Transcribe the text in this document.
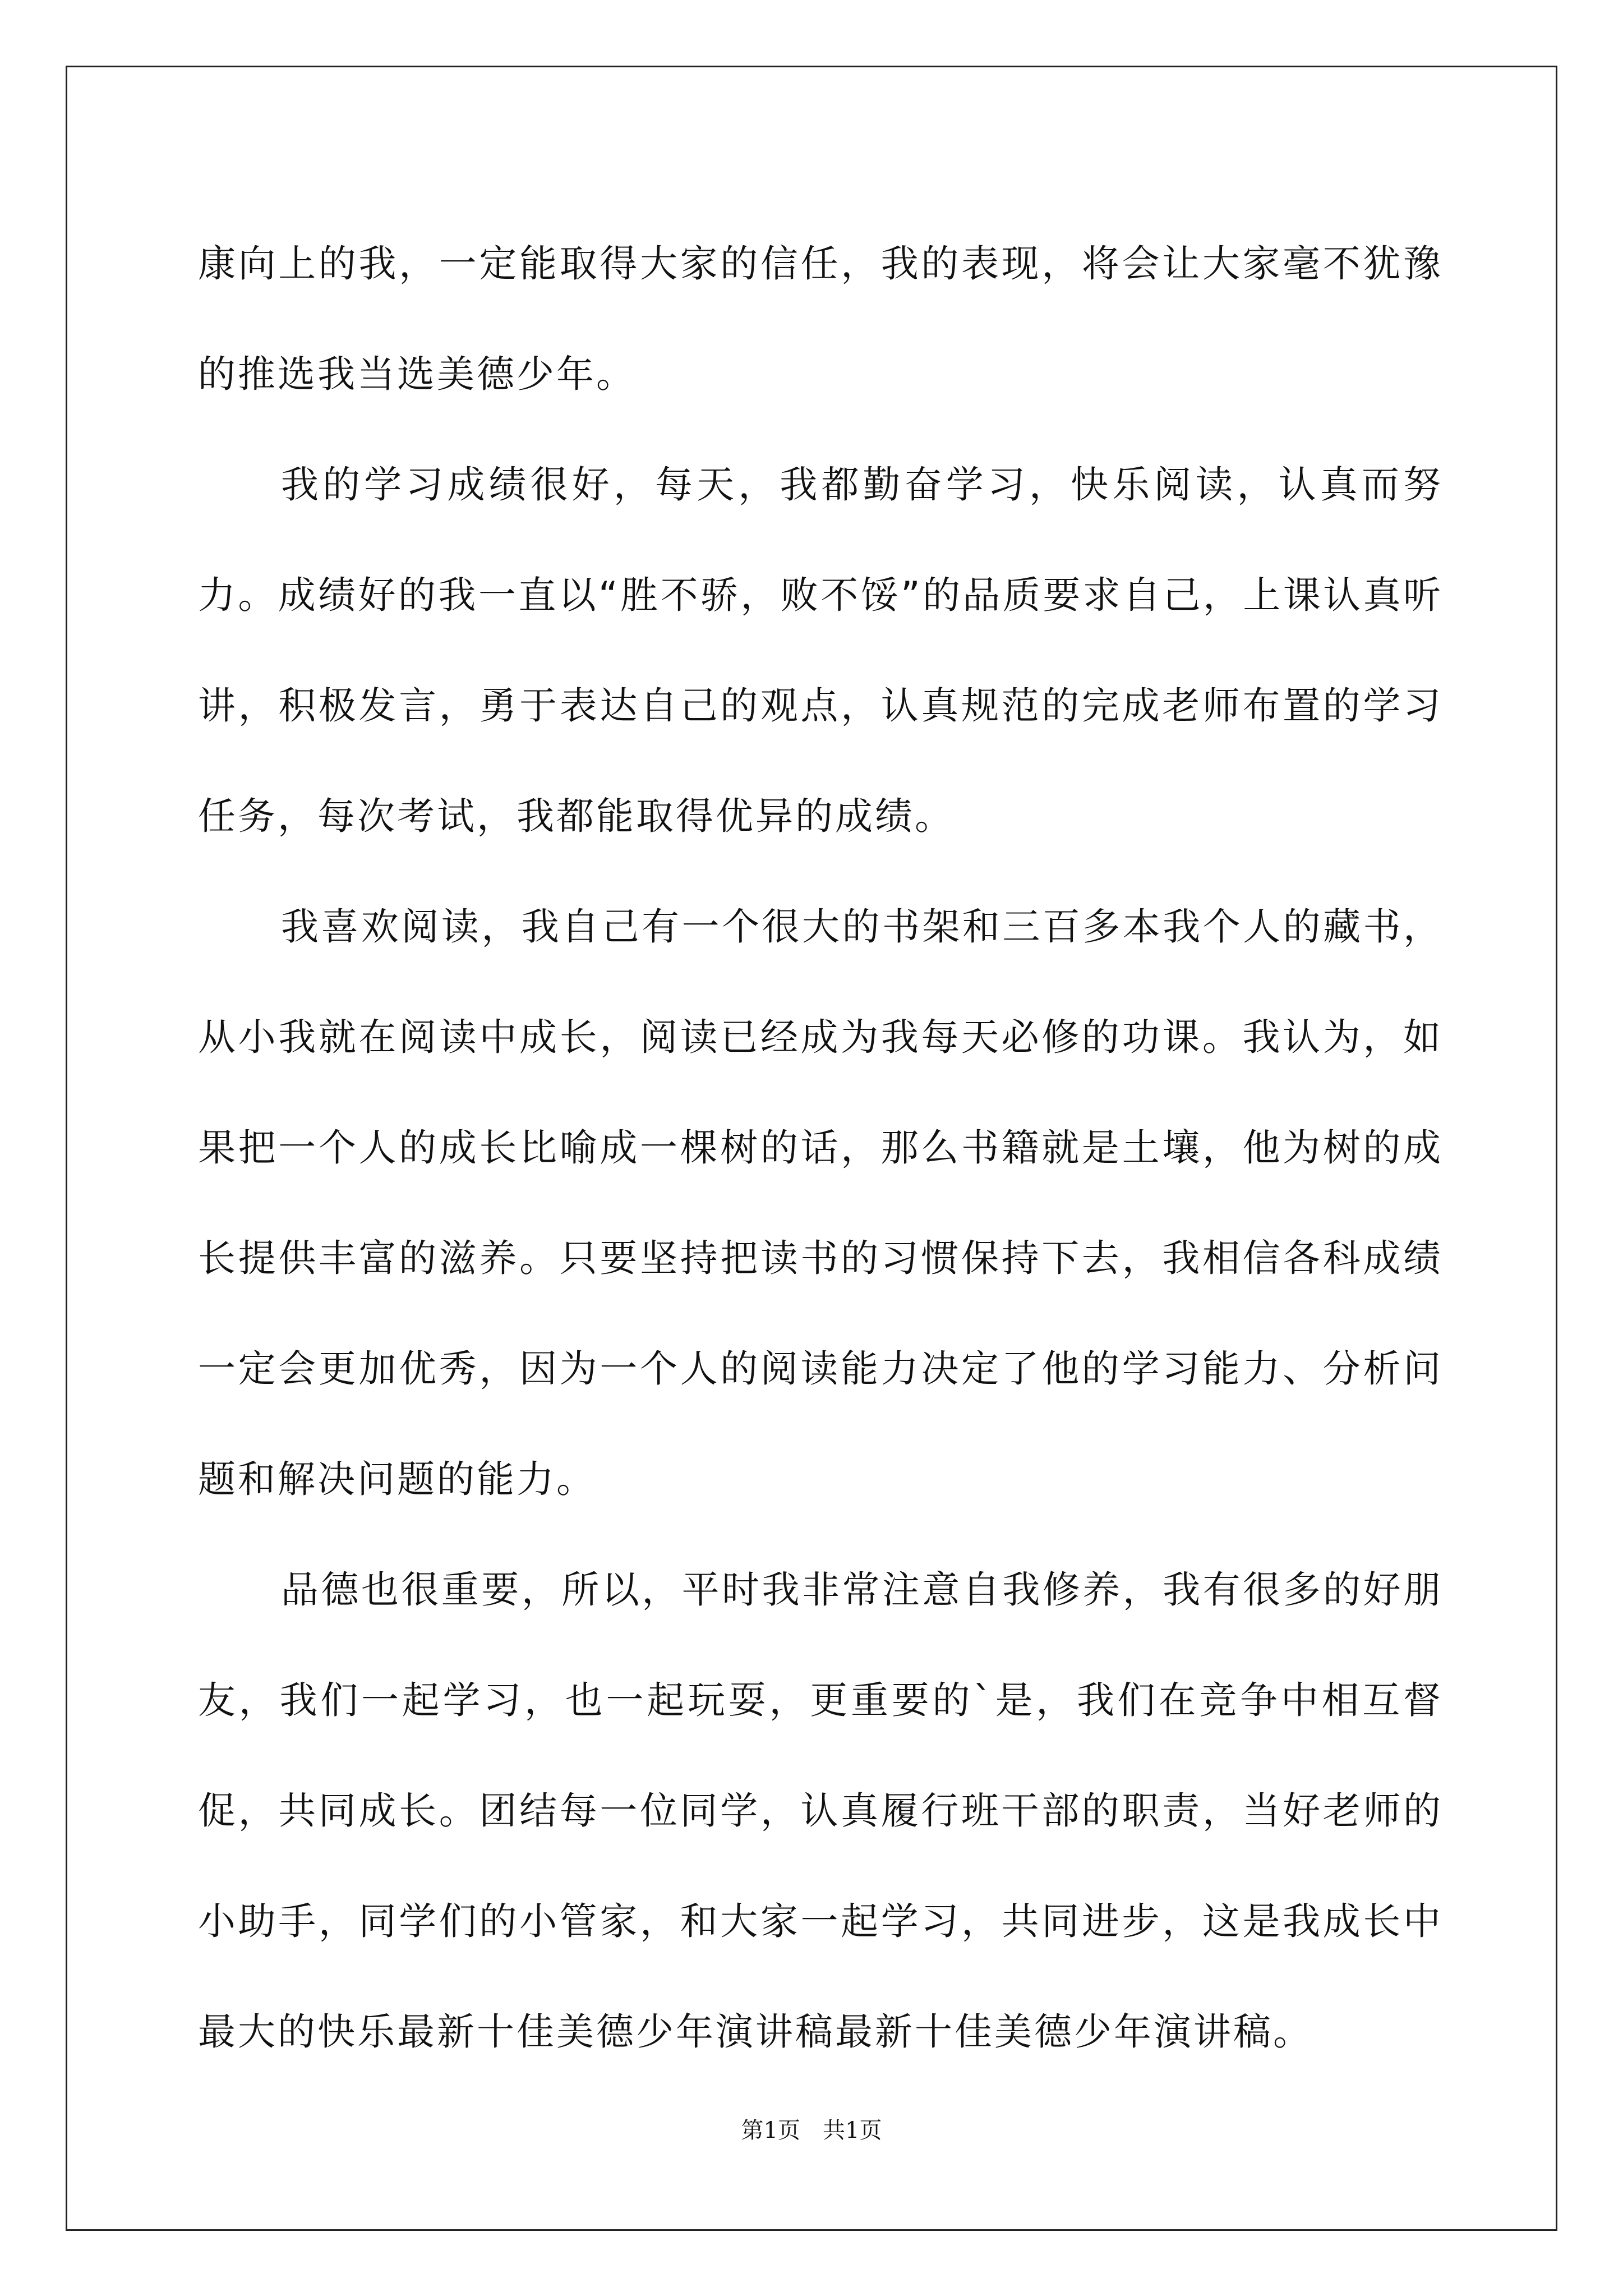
康向上的我，一定能取得大家的信任，我的表现，将会让大家毫不犹豫的推选我当选美德少年。

我的学习成绩很好，每天，我都勤奋学习，快乐阅读，认真而努力。成绩好的我一直以“胜不骄，败不馁”的品质要求自己，上课认真听讲，积极发言，勇于表达自己的观点，认真规范的完成老师布置的学习任务，每次考试，我都能取得优异的成绩。

我喜欢阅读，我自己有一个很大的书架和三百多本我个人的藏书，从小我就在阅读中成长，阅读已经成为我每天必修的功课。我认为，如果把一个人的成长比喻成一棵树的话，那么书籍就是土壤，他为树的成长提供丰富的滋养。只要坚持把读书的习惯保持下去，我相信各科成绩一定会更加优秀，因为一个人的阅读能力决定了他的学习能力、分析问题和解决问题的能力。

品德也很重要，所以，平时我非常注意自我修养，我有很多的好朋友，我们一起学习，也一起玩耍，更重要的`是，我们在竞争中相互督促，共同成长。团结每一位同学，认真履行班干部的职责，当好老师的小助手，同学们的小管家，和大家一起学习，共同进步，这是我成长中最大的快乐最新十佳美德少年演讲稿最新十佳美德少年演讲稿。

第1页　共1页
